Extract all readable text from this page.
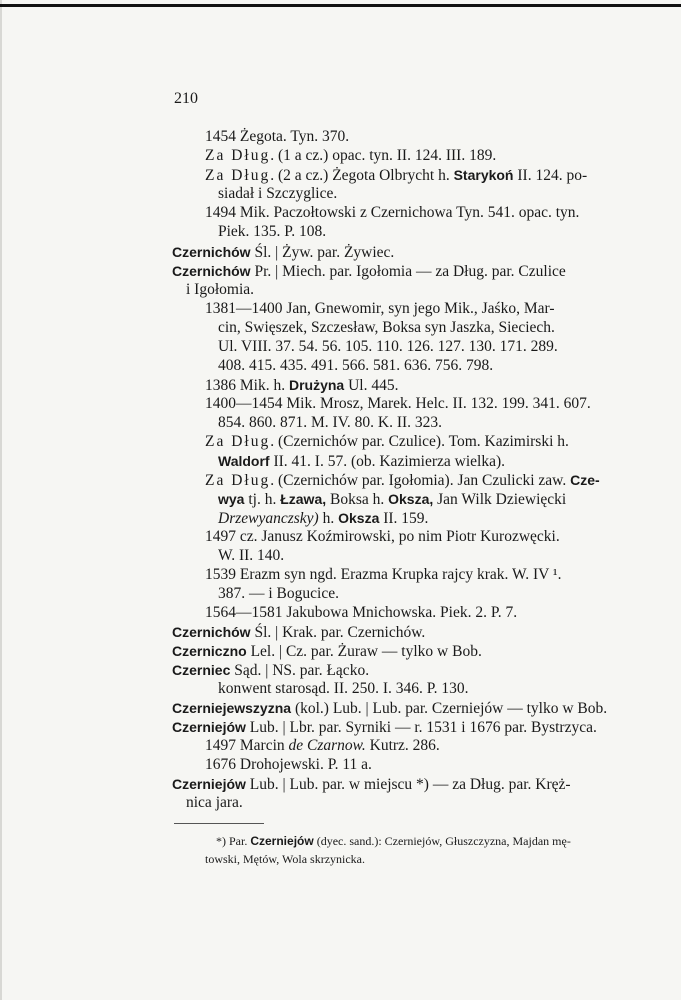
210
1454 Żegota. Tyn. 370.
Za Dług. (1 a cz.) opac. tyn. II. 124. III. 189.
Za Dług. (2 a cz.) Żegota Olbrycht h. Starykoń II. 124. po-
siadał i Szczyglice.
1494 Mik. Paczołtowski z Czernichowa Tyn. 541. opac. tyn.
Piek. 135. P. 108.
Czernichów Śl. | Żyw. par. Żywiec.
Czernichów Pr. | Miech. par. Igołomia — za Dług. par. Czulice
i Igołomia.
1381—1400 Jan, Gnewomir, syn jego Mik., Jaśko, Mar-
cin, Swięszek, Szczesław, Boksa syn Jaszka, Sieciech.
Ul. VIII. 37. 54. 56. 105. 110. 126. 127. 130. 171. 289.
408. 415. 435. 491. 566. 581. 636. 756. 798.
1386 Mik. h. Drużyna Ul. 445.
1400—1454 Mik. Mrosz, Marek. Helc. II. 132. 199. 341. 607.
854. 860. 871. M. IV. 80. K. II. 323.
Za Dług. (Czernichów par. Czulice). Tom. Kazimirski h.
Waldorf II. 41. I. 57. (ob. Kazimierza wielka).
Za Dług. (Czernichów par. Igołomia). Jan Czulicki zaw. Cze-
wya tj. h. Łzawa, Boksa h. Oksza, Jan Wilk Dziewięcki
Drzewyanczsky) h. Oksza II. 159.
1497 cz. Janusz Koźmirowski, po nim Piotr Kurozwęcki.
W. II. 140.
1539 Erazm syn ngd. Erazma Krupka rajcy krak. W. IV ¹.
387. — i Bogucice.
1564—1581 Jakubowa Mnichowska. Piek. 2. P. 7.
Czernichów Śl. | Krak. par. Czernichów.
Czerniczno Lel. | Cz. par. Żuraw — tylko w Bob.
Czerniec Sąd. | NS. par. Łącko.
konwent starosąd. II. 250. I. 346. P. 130.
Czerniejewszyzna (kol.) Lub. | Lub. par. Czerniejów — tylko w Bob.
Czerniejów Lub. | Lbr. par. Syrniki — r. 1531 i 1676 par. Bystrzyca.
1497 Marcin de Czarnow. Kutrz. 286.
1676 Drohojewski. P. 11 a.
Czerniejów Lub. | Lub. par. w miejscu *) — za Dług. par. Kręż-
nica jara.
*) Par. Czerniejów (dyec. sand.): Czerniejów, Głuszczyzna, Majdan mę-
towski, Mętów, Wola skrzynicka.
